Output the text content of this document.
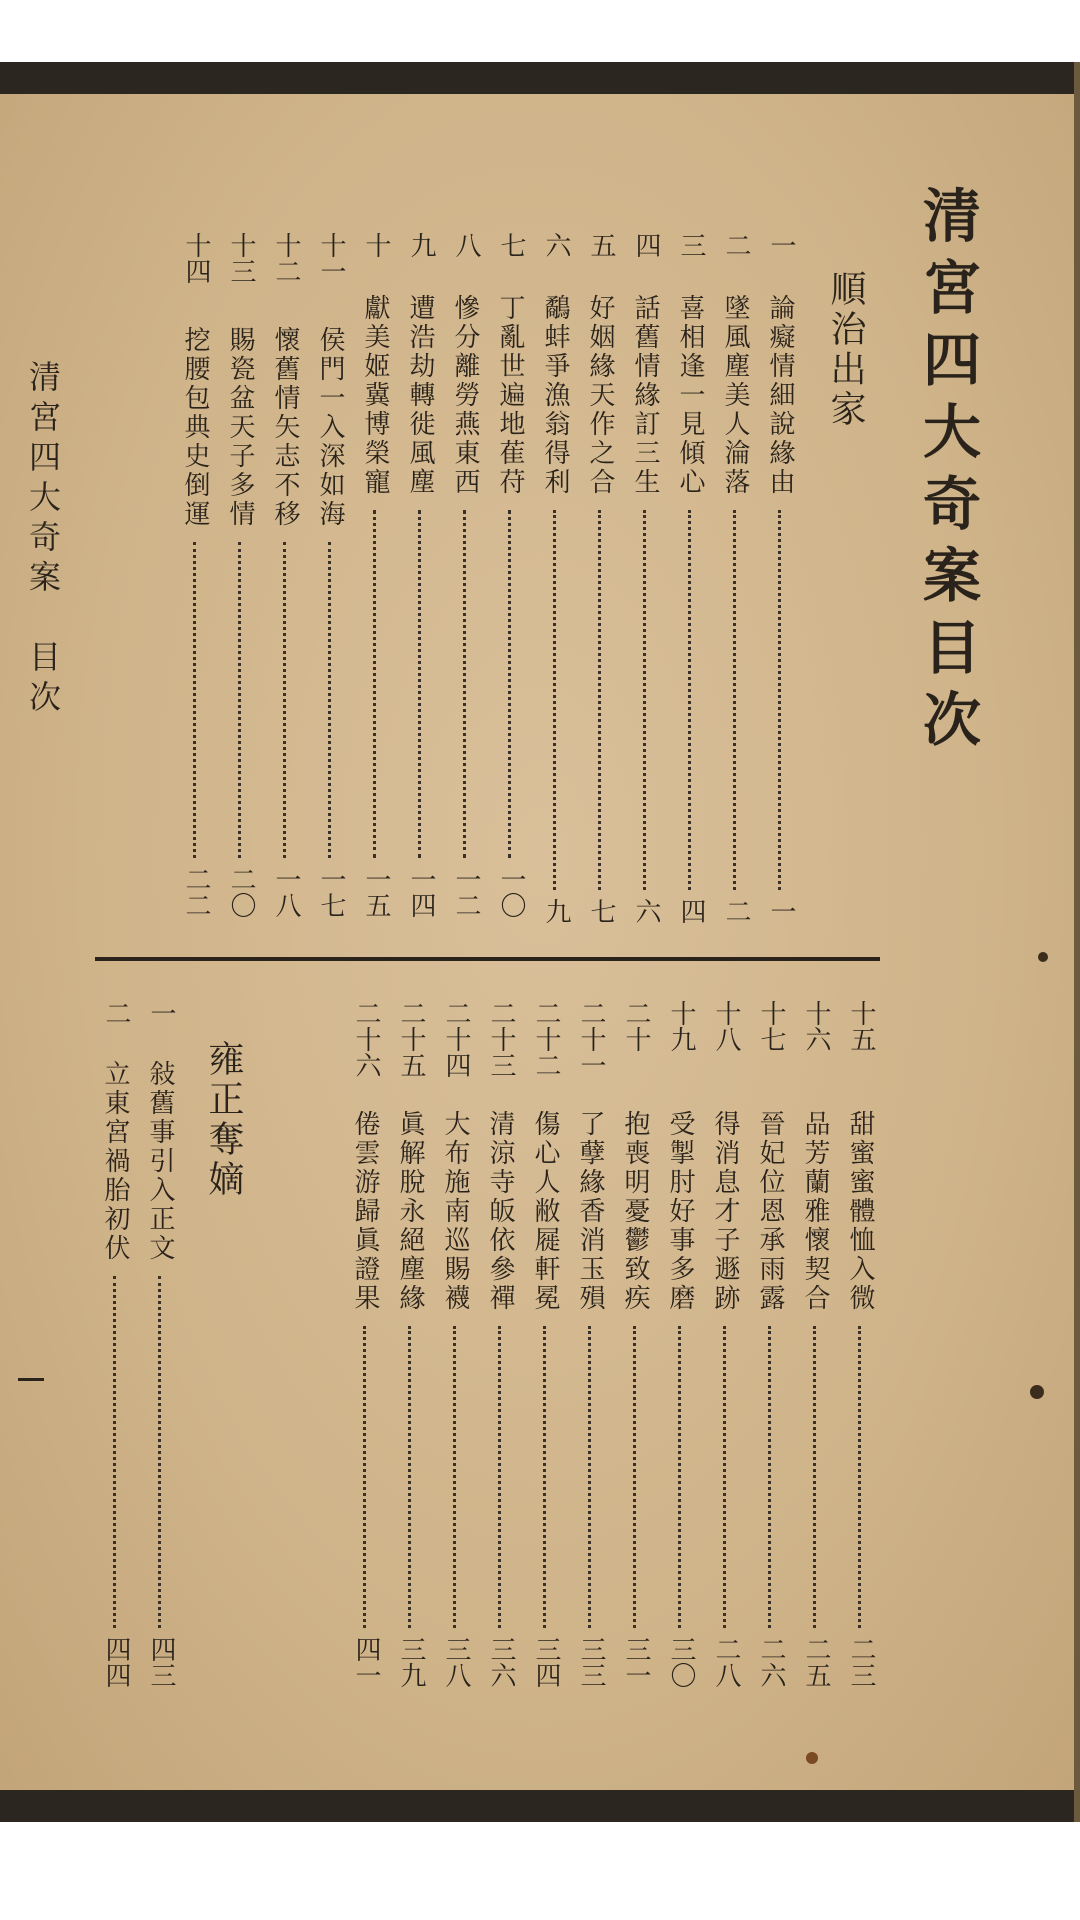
清宮四大奇案目次
順治出家
一
論癡情細說緣由
一
二
墜風塵美人淪落
二
三
喜相逢一見傾心
四
四
話舊情緣訂三生
六
五
好姻緣天作之合
七
六
鷸蚌爭漁翁得利
九
七
丁亂世遍地萑苻
一〇
八
慘分離勞燕東西
一二
九
遭浩劫轉徙風塵
一四
十
獻美姬冀博榮寵
一五
十一
侯門一入深如海
一七
十二
懷舊情矢志不移
一八
十三
賜瓷盆天子多情
二〇
十四
挖腰包典史倒運
二二
十五
甜蜜蜜體恤入微
二三
十六
品芳蘭雅懷契合
二五
十七
晉妃位恩承雨露
二六
十八
得消息才子遯跡
二八
十九
受掣肘好事多磨
三〇
二十
抱喪明憂鬱致疾
三一
二十一
了孽緣香消玉殞
三三
二十二
傷心人敝屣軒冕
三四
二十三
清涼寺皈依參禪
三六
二十四
大布施南巡賜襪
三八
二十五
眞解脫永絕塵緣
三九
二十六
倦雲游歸眞證果
四一
雍正奪嫡
一
敍舊事引入正文
四三
二
立東宮禍胎初伏
四四
清宮四大奇案　目次
